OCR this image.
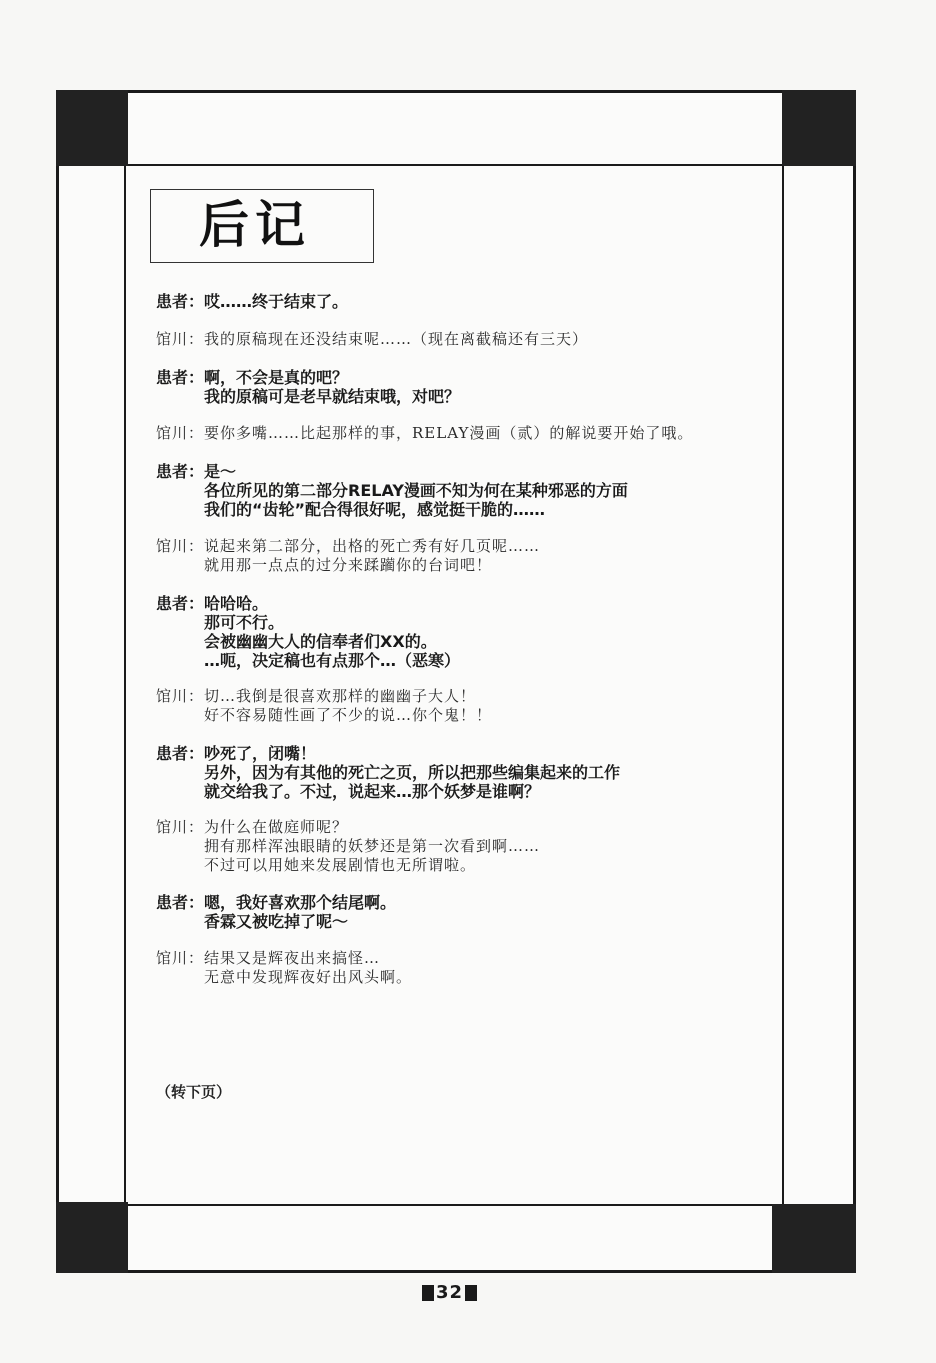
后记
患者： 哎……终于结束了。
馆川： 我的原稿现在还没结束呢……（现在离截稿还有三天）
患者： 啊，不会是真的吧？
我的原稿可是老早就结束哦，对吧？
馆川： 要你多嘴……比起那样的事，RELAY漫画（贰）的解说要开始了哦。
患者： 是～
各位所见的第二部分RELAY漫画不知为何在某种邪恶的方面
我们的“齿轮”配合得很好呢，感觉挺干脆的……
馆川： 说起来第二部分，出格的死亡秀有好几页呢……
就用那一点点的过分来蹂躏你的台词吧！
患者： 哈哈哈。
那可不行。
会被幽幽大人的信奉者们XX的。
…呃，决定稿也有点那个…（恶寒）
馆川： 切…我倒是很喜欢那样的幽幽子大人！
好不容易随性画了不少的说…你个鬼！！
患者： 吵死了，闭嘴！
另外，因为有其他的死亡之页，所以把那些编集起来的工作
就交给我了。不过，说起来…那个妖梦是谁啊？
馆川： 为什么在做庭师呢？
拥有那样浑浊眼睛的妖梦还是第一次看到啊……
不过可以用她来发展剧情也无所谓啦。
患者： 嗯，我好喜欢那个结尾啊。
香霖又被吃掉了呢～
馆川： 结果又是辉夜出来搞怪…
无意中发现辉夜好出风头啊。
（转下页）
32
